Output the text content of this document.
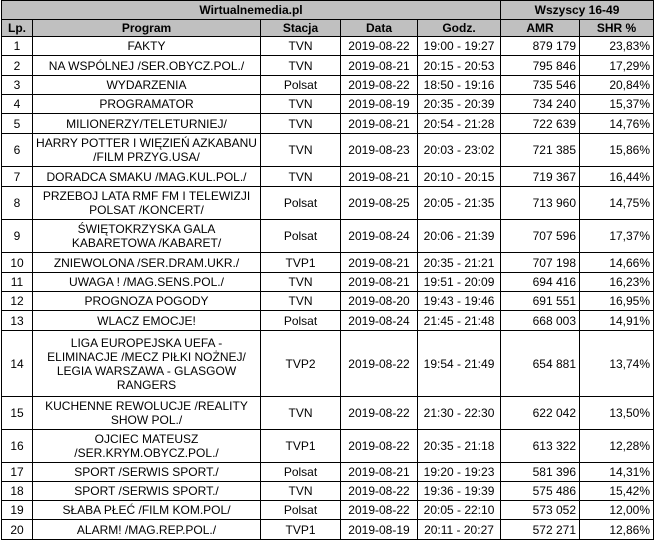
Wirtualnemedia.pl					Wszyscy 16-49	
Lp.	Program	Stacja	Data	Godz.	AMR	SHR %
1	FAKTY	TVN	2019-08-22	19:00 - 19:27	879 179	23,83%
2	NA WSPÓLNEJ /SER.OBYCZ.POL./	TVN	2019-08-21	20:15 - 20:53	795 846	17,29%
3	WYDARZENIA	Polsat	2019-08-22	18:50 - 19:16	735 546	20,84%
4	PROGRAMATOR	TVN	2019-08-19	20:35 - 20:39	734 240	15,37%
5	MILIONERZY/TELETURNIEJ/	TVN	2019-08-21	20:54 - 21:28	722 639	14,76%
6	HARRY POTTER I WIĘZIEŃ AZKABANU /FILM PRZYG.USA/	TVN	2019-08-23	20:03 - 23:02	721 385	15,86%
7	DORADCA SMAKU /MAG.KUL.POL./	TVN	2019-08-21	20:10 - 20:15	719 367	16,44%
8	PRZEBOJ LATA RMF FM I TELEWIZJI POLSAT /KONCERT/	Polsat	2019-08-25	20:05 - 21:35	713 960	14,75%
9	ŚWIĘTOKRZYSKA GALA KABARETOWA /KABARET/	Polsat	2019-08-24	20:06 - 21:39	707 596	17,37%
10	ZNIEWOLONA /SER.DRAM.UKR./	TVP1	2019-08-21	20:35 - 21:21	707 198	14,66%
11	UWAGA ! /MAG.SENS.POL./	TVN	2019-08-21	19:51 - 20:09	694 416	16,23%
12	PROGNOZA POGODY	TVN	2019-08-20	19:43 - 19:46	691 551	16,95%
13	WLACZ EMOCJE!	Polsat	2019-08-24	21:45 - 21:48	668 003	14,91%
14	LIGA EUROPEJSKA UEFA - ELIMINACJE /MECZ PIŁKI NOŻNEJ/ LEGIA WARSZAWA - GLASGOW RANGERS	TVP2	2019-08-22	19:54 - 21:49	654 881	13,74%
15	KUCHENNE REWOLUCJE /REALITY SHOW POL./	TVN	2019-08-22	21:30 - 22:30	622 042	13,50%
16	OJCIEC MATEUSZ /SER.KRYM.OBYCZ.POL./	TVP1	2019-08-22	20:35 - 21:18	613 322	12,28%
17	SPORT /SERWIS SPORT./	Polsat	2019-08-21	19:20 - 19:23	581 396	14,31%
18	SPORT /SERWIS SPORT./	TVN	2019-08-22	19:36 - 19:39	575 486	15,42%
19	SŁABA PŁEĆ /FILM KOM.POL/	Polsat	2019-08-22	20:05 - 22:10	573 052	12,00%
20	ALARM! /MAG.REP.POL./	TVP1	2019-08-19	20:11 - 20:27	572 271	12,86%
